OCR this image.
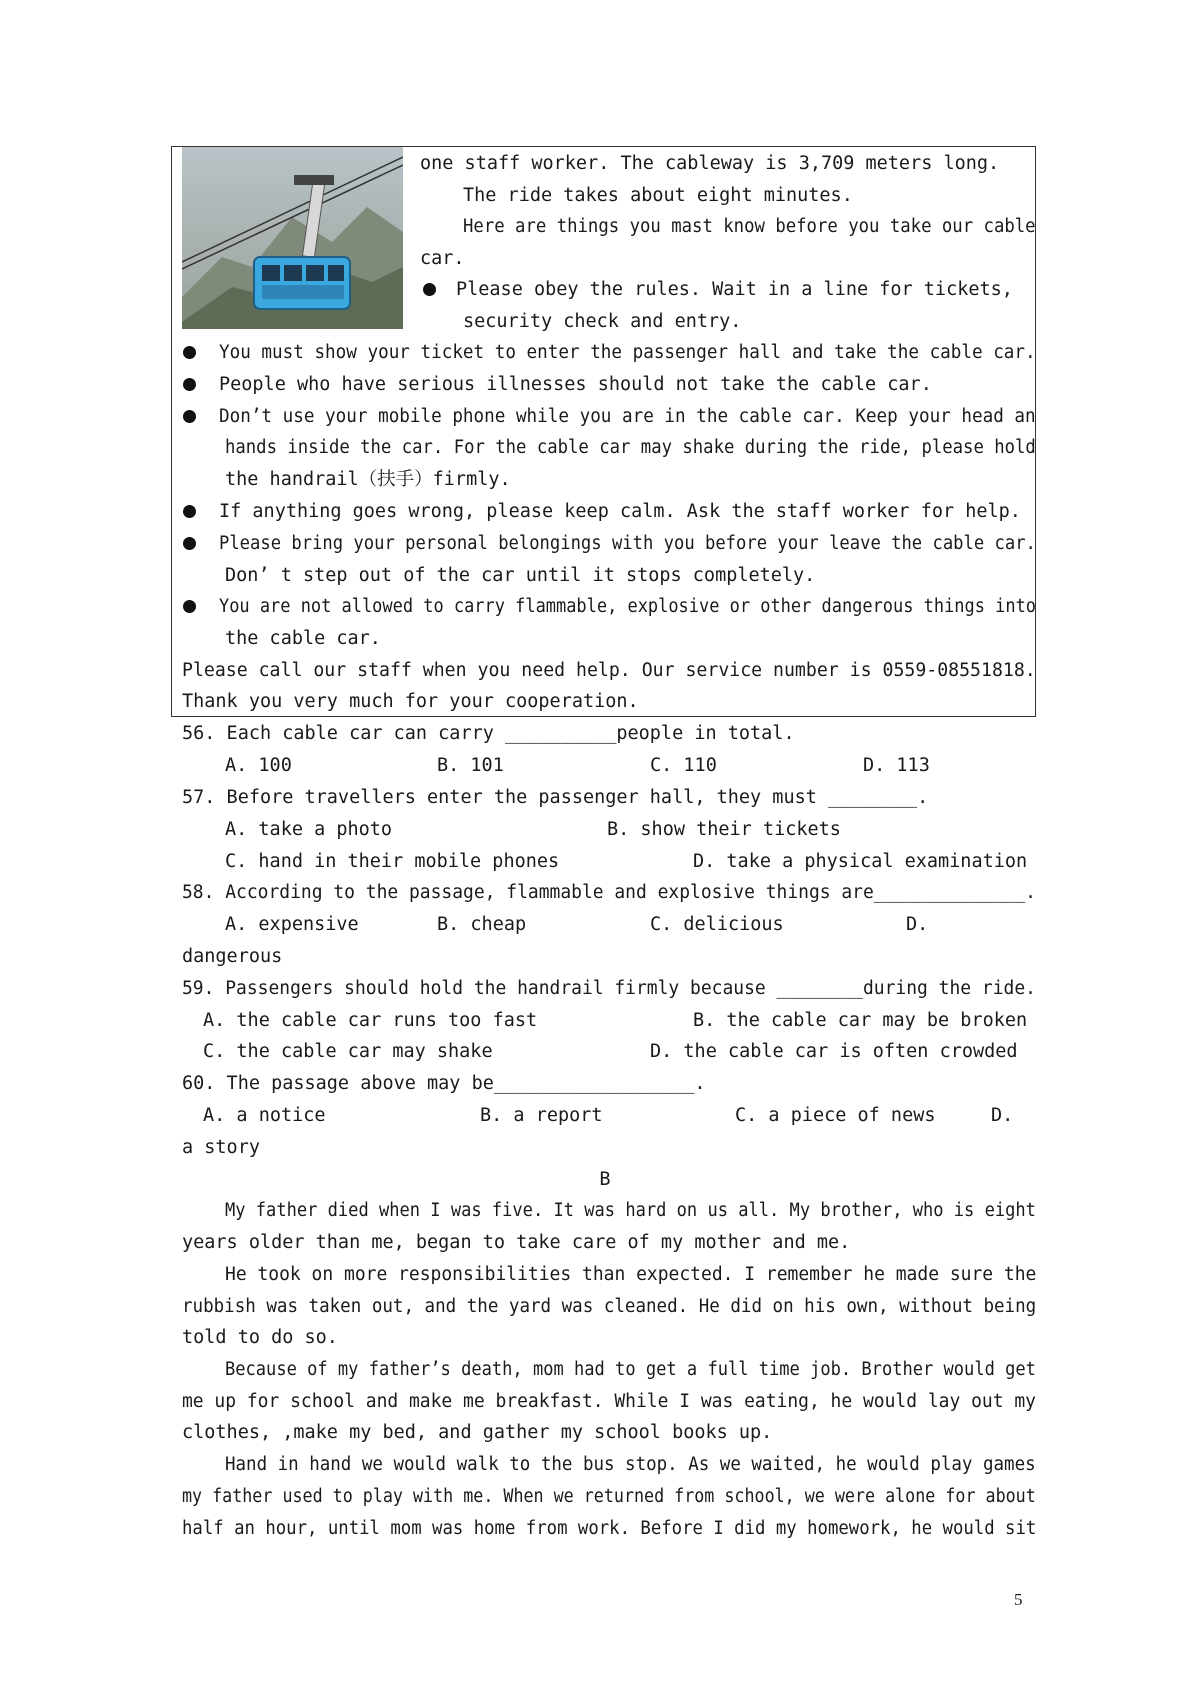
one staff worker. The cableway is 3,709 meters long.
The ride takes about eight minutes.
Here are things you mast know before you take our cable
car.
Please obey the rules. Wait in a line for tickets,
security check and entry.
You must show your ticket to enter the passenger hall and take the cable car.
People who have serious illnesses should not take the cable car.
Don’t use your mobile phone while you are in the cable car. Keep your head an
hands inside the car. For the cable car may shake during the ride, please hold
the handrail（扶手）firmly.
If anything goes wrong, please keep calm. Ask the staff worker for help.
Please bring your personal belongings with you before your leave the cable car.
Don’ t step out of the car until it stops completely.
You are not allowed to carry flammable, explosive or other dangerous things into
the cable car.
Please call our staff when you need help. Our service number is 0559-08551818.
Thank you very much for your cooperation.
56. Each cable car can carry __________people in total.
A. 100	B. 101	C. 110	D. 113
57. Before travellers enter the passenger hall, they must ________.
A. take a photo	B. show their tickets
C. hand in their mobile phones	D. take a physical examination
58. According to the passage, flammable and explosive things are______________.
A. expensive	B. cheap	C. delicious	D.
dangerous
59. Passengers should hold the handrail firmly because ________during the ride.
A. the cable car runs too fast	B. the cable car may be broken
C. the cable car may shake	D. the cable car is often crowded
60. The passage above may be__________________.
A. a notice	B. a report	C. a piece of news	D.
a story
B
My father died when I was five. It was hard on us all. My brother, who is eight
years older than me, began to take care of my mother and me.
He took on more responsibilities than expected. I remember he made sure the
rubbish was taken out, and the yard was cleaned. He did on his own, without being
told to do so.
Because of my father’s death, mom had to get a full time job. Brother would get
me up for school and make me breakfast. While I was eating, he would lay out my
clothes, ,make my bed, and gather my school books up.
Hand in hand we would walk to the bus stop. As we waited, he would play games
my father used to play with me. When we returned from school, we were alone for about
half an hour, until mom was home from work. Before I did my homework, he would sit
5
